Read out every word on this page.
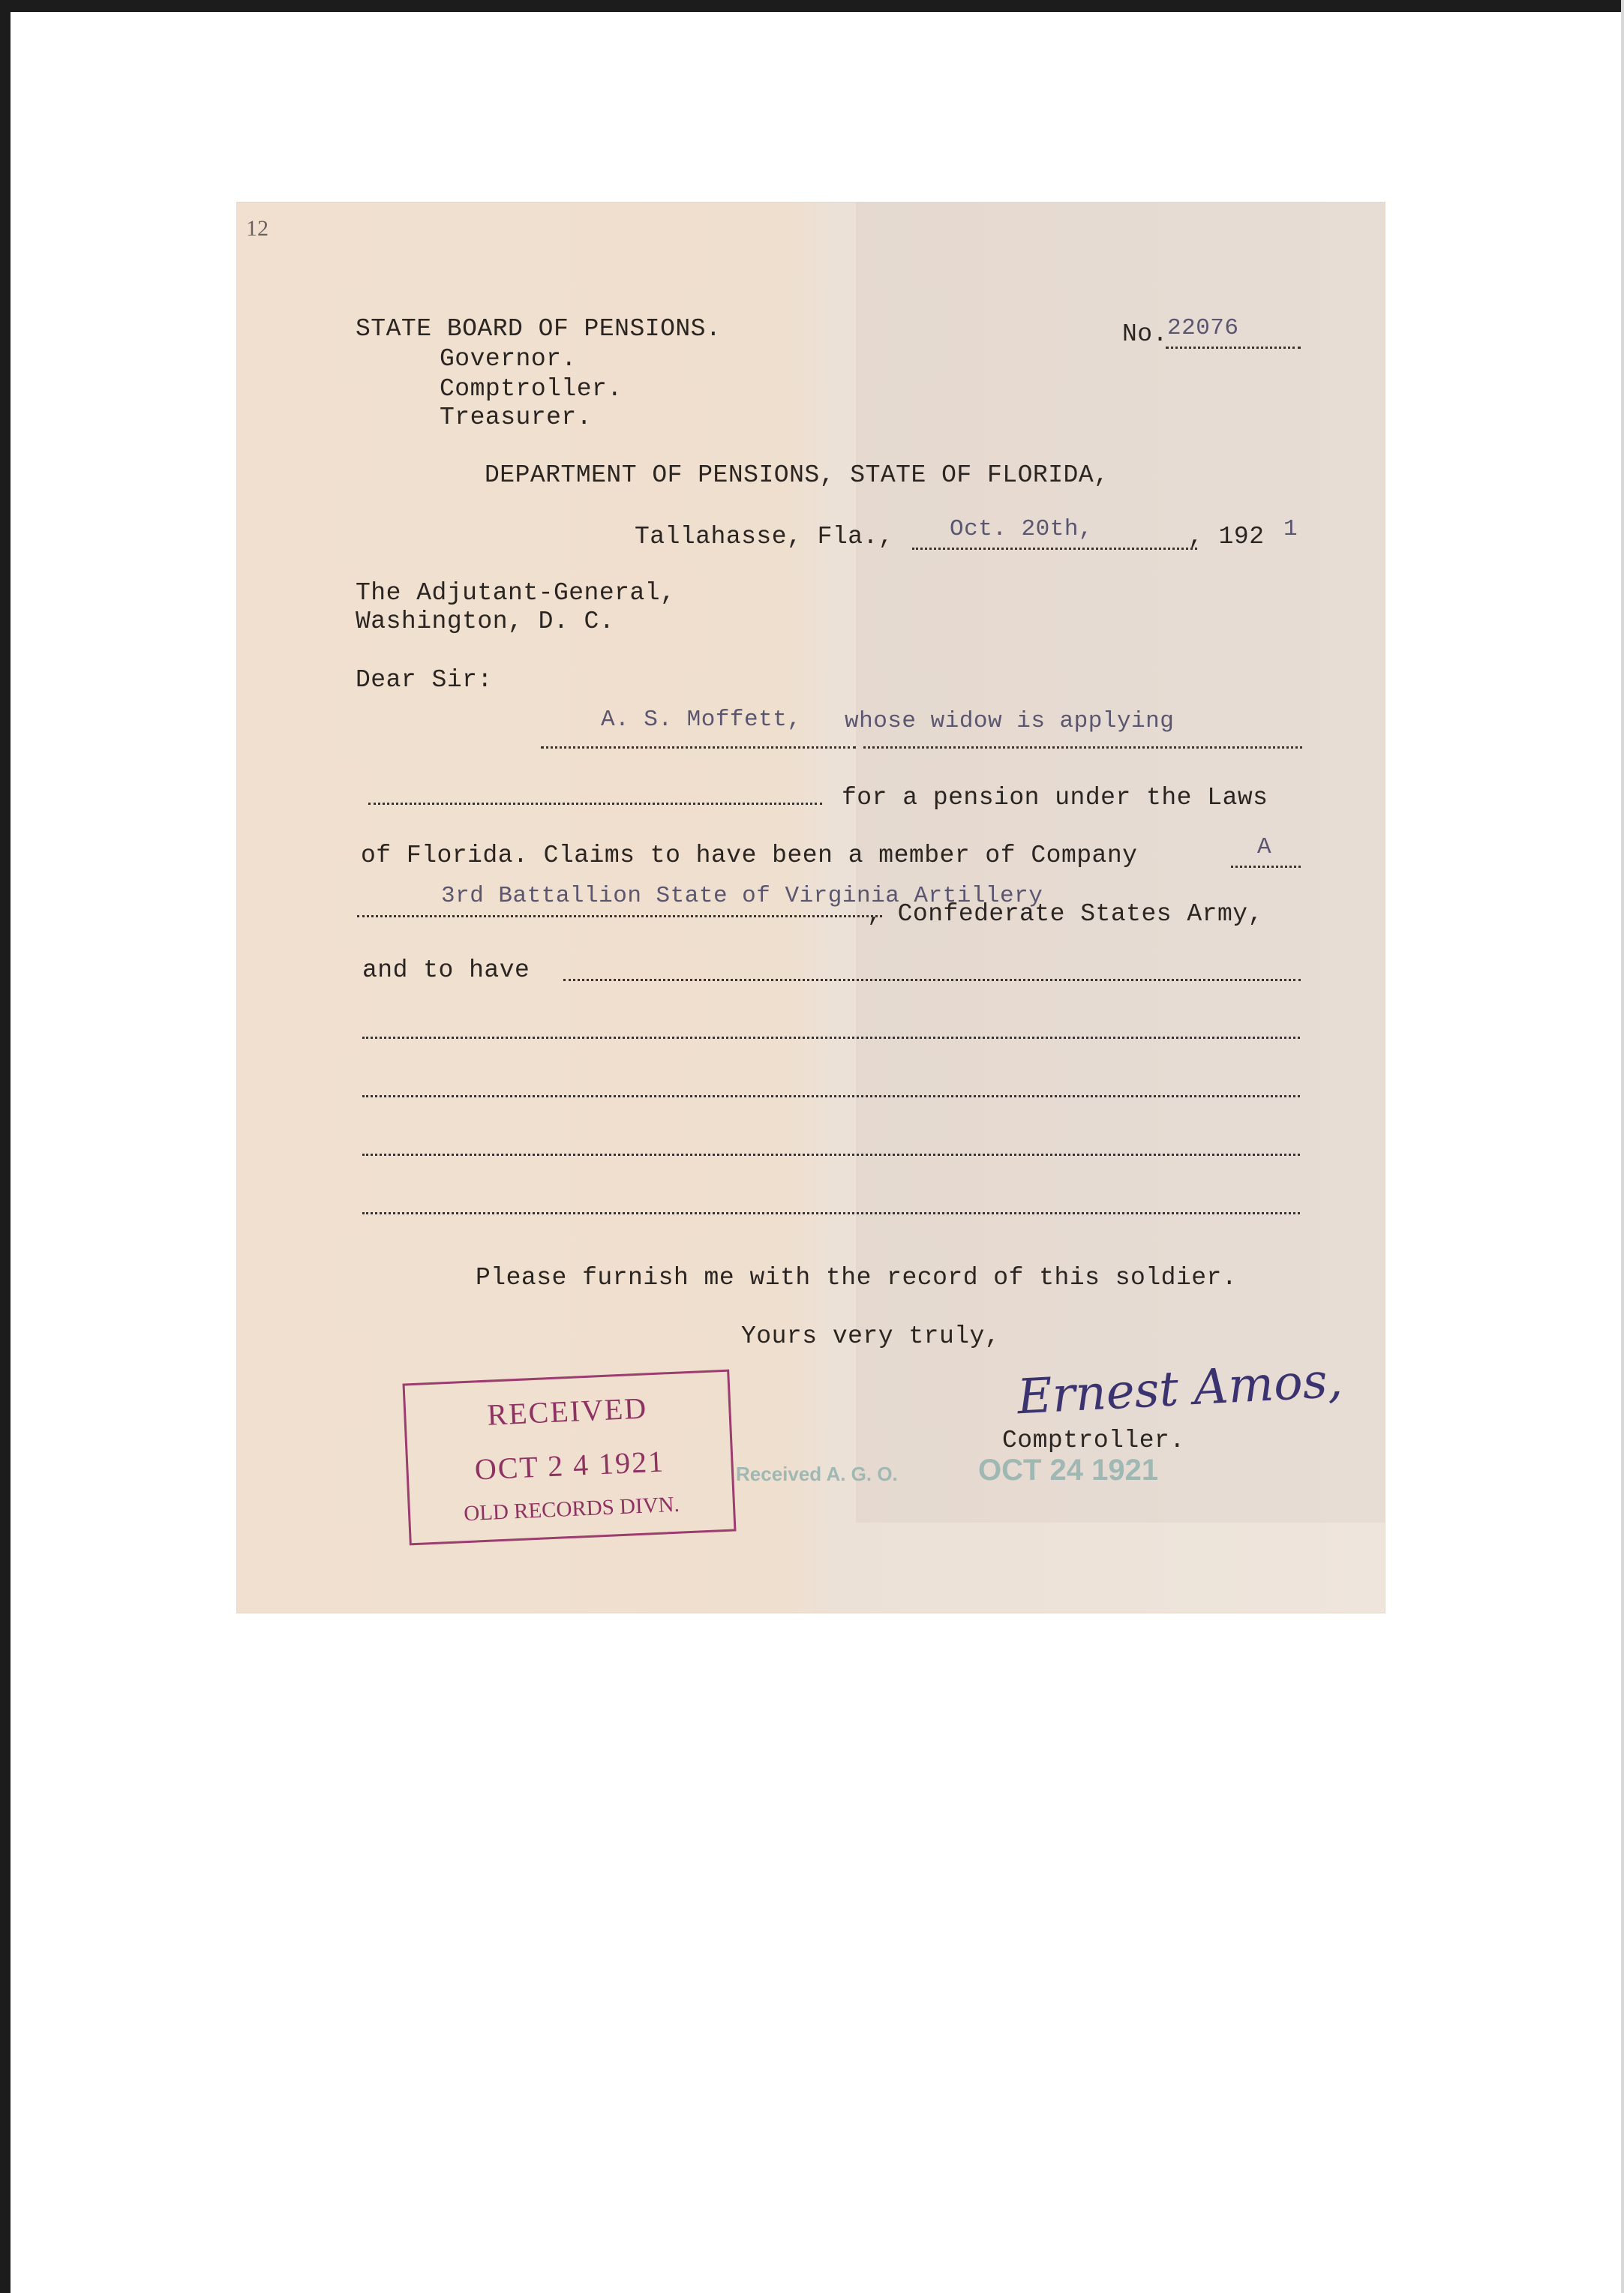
12
STATE BOARD OF PENSIONS.
Governor.
Comptroller.
Treasurer.
No. 22076
DEPARTMENT OF PENSIONS, STATE OF FLORIDA,
Tallahasse, Fla., Oct. 20th,	, 192 1
The Adjutant-General,
Washington, D. C.
Dear Sir:
A. S. Moffett, whose widow is applying
for a pension under the Laws
of Florida. Claims to have been a member of Company	A
3rd Battallion State of Virginia Artillery
, Confederate States Army,
and to have
Please furnish me with the record of this soldier.
Yours very truly,
Ernest Amos,
Comptroller.
RECEIVED
OCT 2 4 1921
OLD RECORDS DIVN.
Received A. G. O.	OCT 24 1921
